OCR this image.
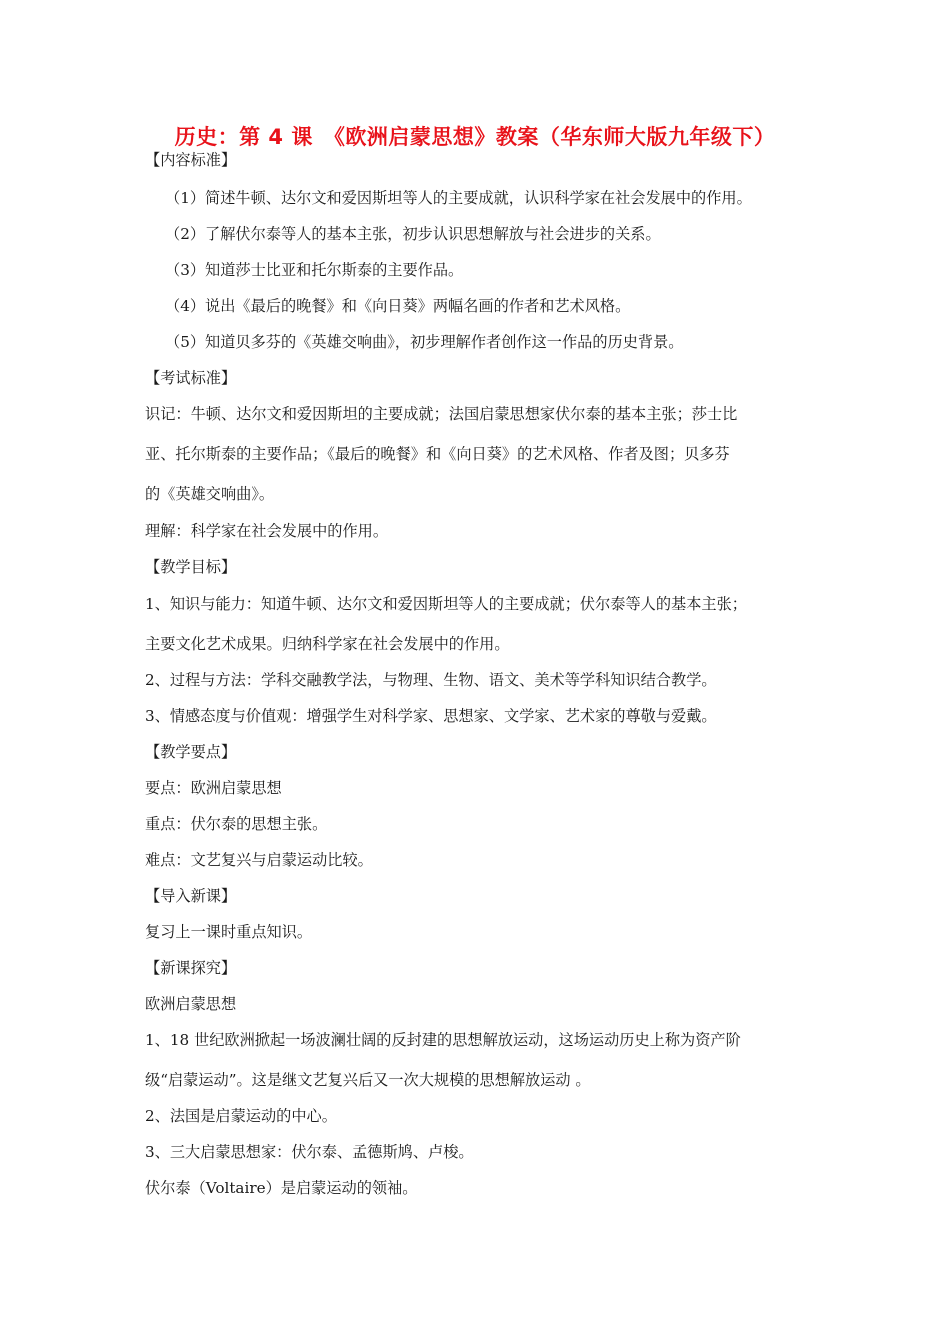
历史：第 4 课　《欧洲启蒙思想》教案（华东师大版九年级下）
【内容标准】
（1）简述牛顿、达尔文和爱因斯坦等人的主要成就，认识科学家在社会发展中的作用。
（2）了解伏尔泰等人的基本主张，初步认识思想解放与社会进步的关系。
（3）知道莎士比亚和托尔斯泰的主要作品。
（4）说出《最后的晚餐》和《向日葵》两幅名画的作者和艺术风格。
（5）知道贝多芬的《英雄交响曲》，初步理解作者创作这一作品的历史背景。
【考试标准】
识记：牛顿、达尔文和爱因斯坦的主要成就；法国启蒙思想家伏尔泰的基本主张；莎士比
亚、托尔斯泰的主要作品；《最后的晚餐》和《向日葵》的艺术风格、作者及图；贝多芬
的《英雄交响曲》。
理解：科学家在社会发展中的作用。
【教学目标】
1、知识与能力：知道牛顿、达尔文和爱因斯坦等人的主要成就；伏尔泰等人的基本主张；
主要文化艺术成果。归纳科学家在社会发展中的作用。
2、过程与方法：学科交融教学法，与物理、生物、语文、美术等学科知识结合教学。
3、情感态度与价值观：增强学生对科学家、思想家、文学家、艺术家的尊敬与爱戴。
【教学要点】
要点：欧洲启蒙思想
重点：伏尔泰的思想主张。
难点：文艺复兴与启蒙运动比较。
【导入新课】
复习上一课时重点知识。
【新课探究】
欧洲启蒙思想
1、18 世纪欧洲掀起一场波澜壮阔的反封建的思想解放运动，这场运动历史上称为资产阶
级“启蒙运动”。这是继文艺复兴后又一次大规模的思想解放运动 。
2、法国是启蒙运动的中心。
3、三大启蒙思想家：伏尔泰、孟德斯鸠、卢梭。
伏尔泰（Voltaire）是启蒙运动的领袖。
